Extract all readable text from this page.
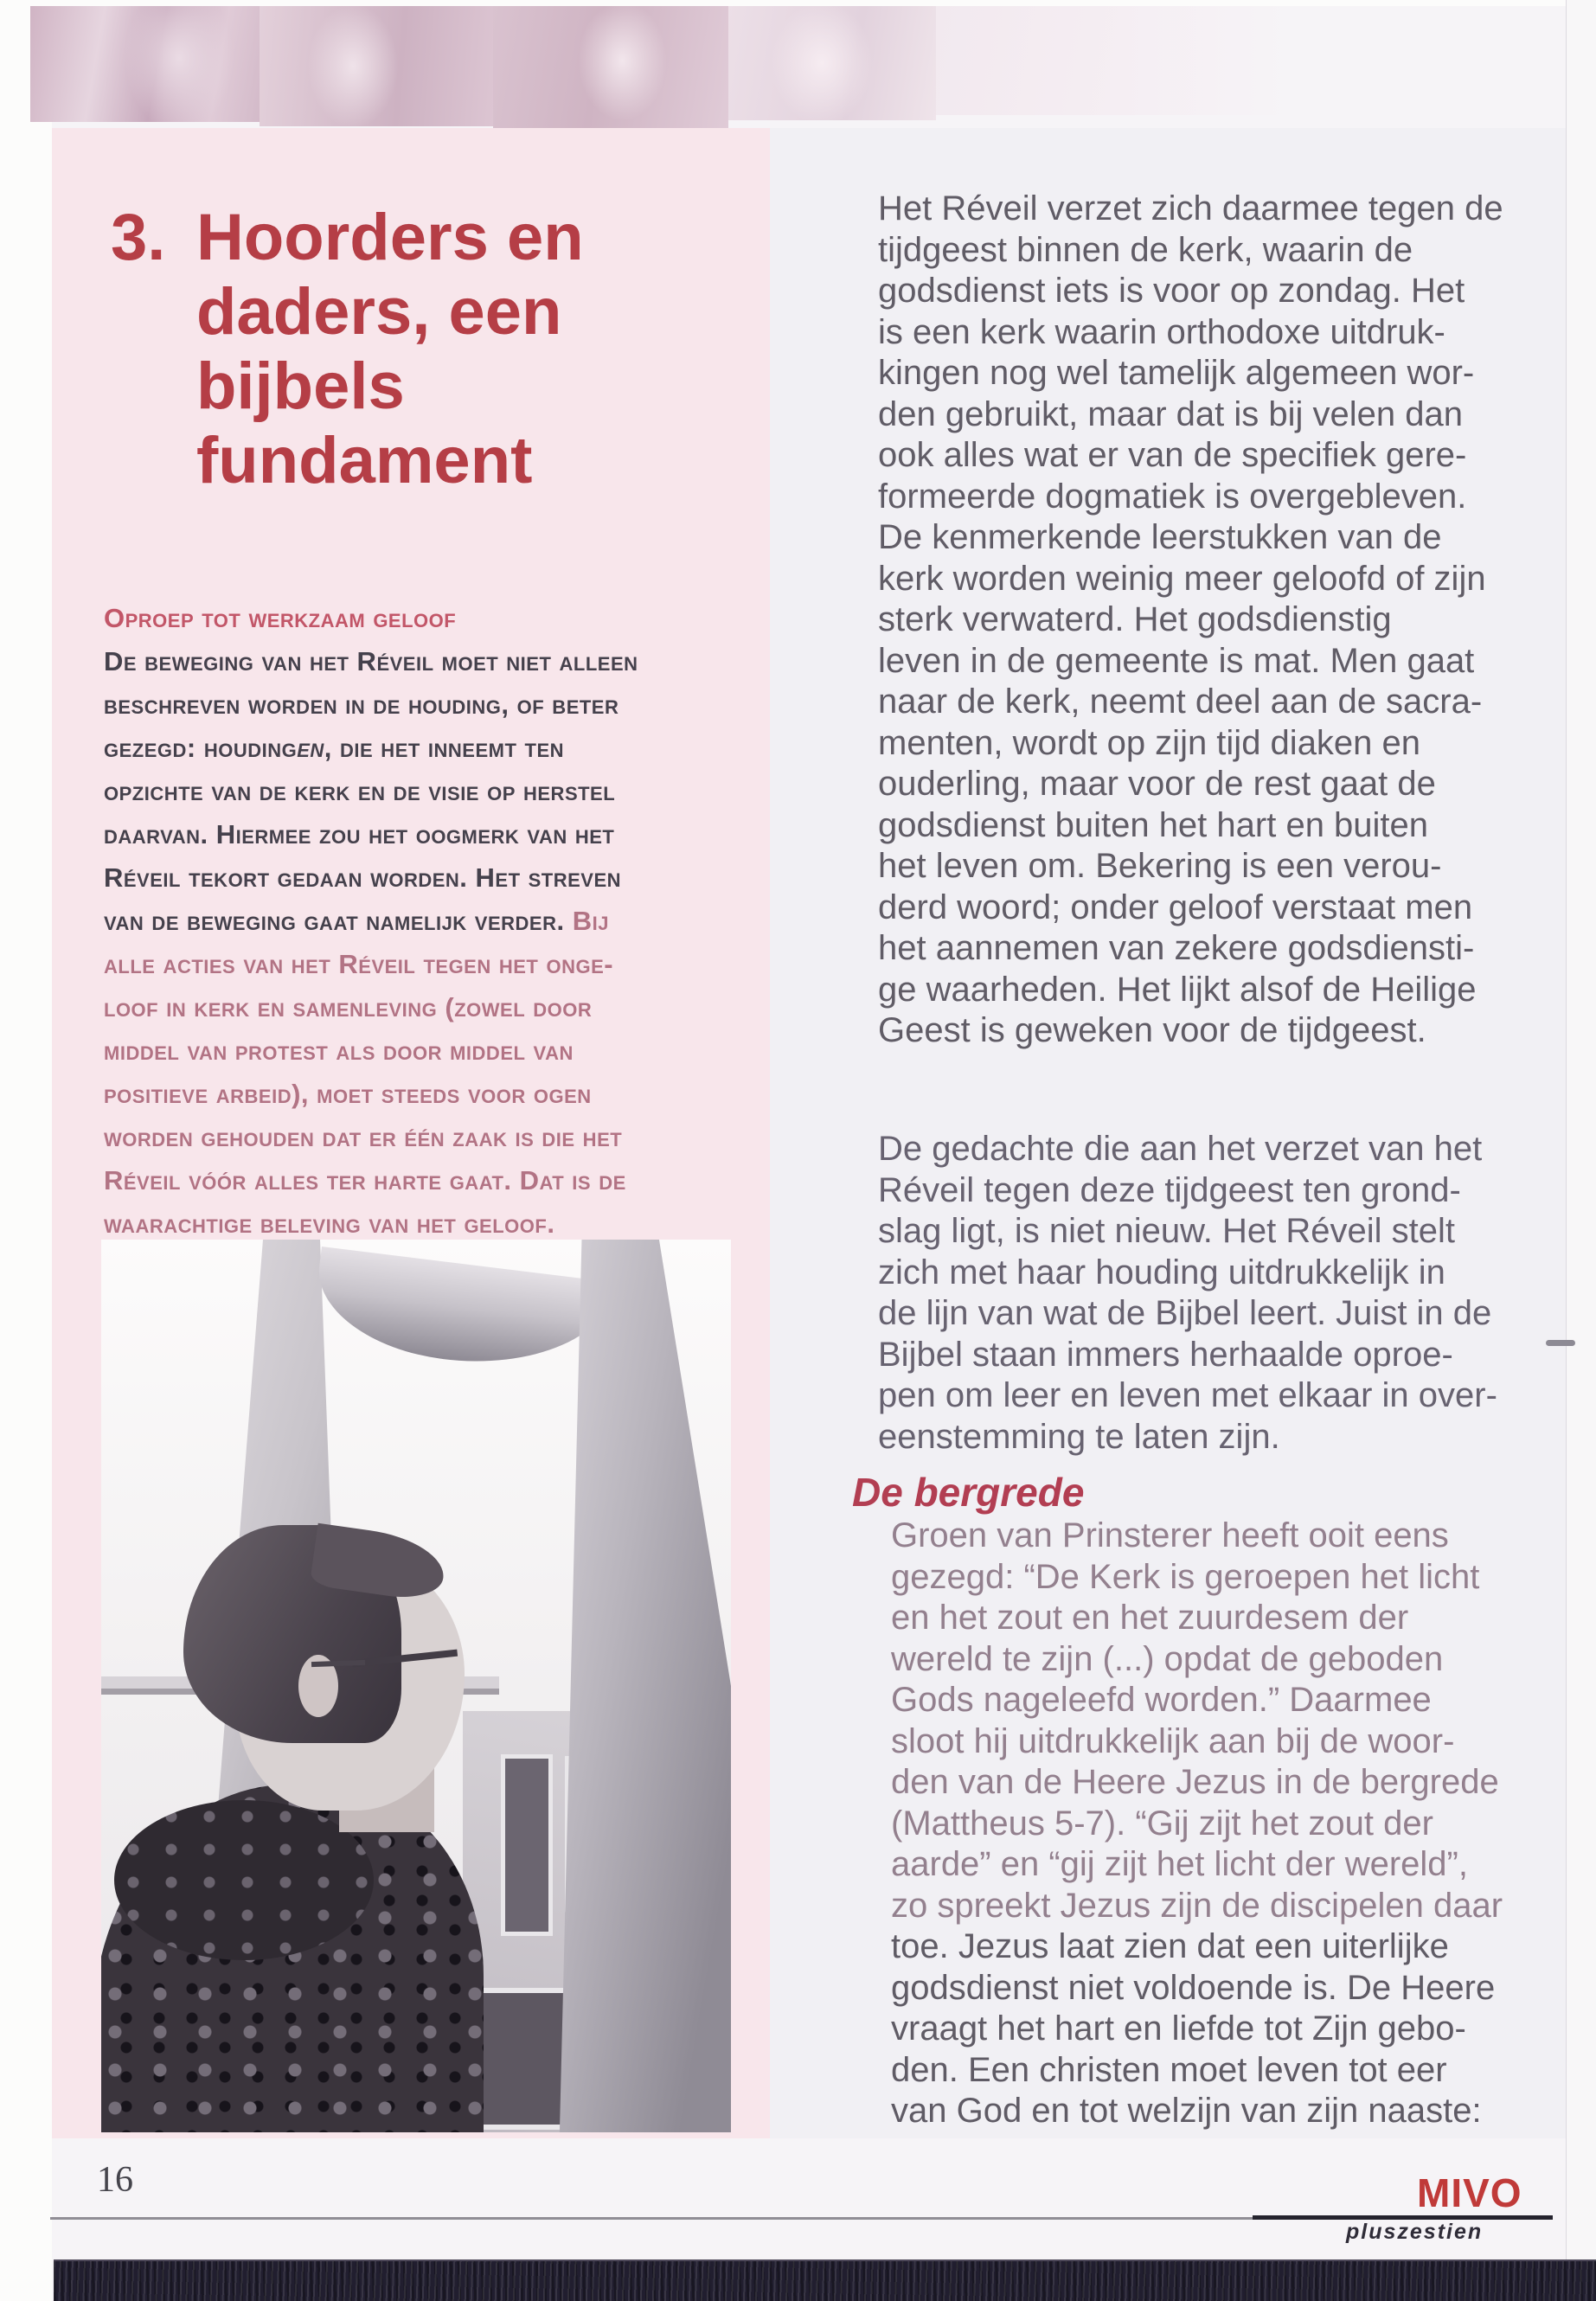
3. Hoorders en
daders, een
bijbels
fundament
Oproep tot werkzaam geloof
De beweging van het Réveil moet niet alleen
beschreven worden in de houding, of beter
gezegd: houdingen, die het inneemt ten
opzichte van de kerk en de visie op herstel
daarvan. Hiermee zou het oogmerk van het
Réveil tekort gedaan worden. Het streven
van de beweging gaat namelijk verder. Bij
alle acties van het Réveil tegen het onge-
loof in kerk en samenleving (zowel door
middel van protest als door middel van
positieve arbeid), moet steeds voor ogen
worden gehouden dat er één zaak is die het
Réveil vóór alles ter harte gaat. Dat is de
waarachtige beleving van het geloof.
Het Réveil verzet zich daarmee tegen de
tijdgeest binnen de kerk, waarin de
godsdienst iets is voor op zondag. Het
is een kerk waarin orthodoxe uitdruk-
kingen nog wel tamelijk algemeen wor-
den gebruikt, maar dat is bij velen dan
ook alles wat er van de specifiek gere-
formeerde dogmatiek is overgebleven.
De kenmerkende leerstukken van de
kerk worden weinig meer geloofd of zijn
sterk verwaterd. Het godsdienstig
leven in de gemeente is mat. Men gaat
naar de kerk, neemt deel aan de sacra-
menten, wordt op zijn tijd diaken en
ouderling, maar voor de rest gaat de
godsdienst buiten het hart en buiten
het leven om. Bekering is een verou-
derd woord; onder geloof verstaat men
het aannemen van zekere godsdiensti-
ge waarheden. Het lijkt alsof de Heilige
Geest is geweken voor de tijdgeest.
De gedachte die aan het verzet van het
Réveil tegen deze tijdgeest ten grond-
slag ligt, is niet nieuw. Het Réveil stelt
zich met haar houding uitdrukkelijk in
de lijn van wat de Bijbel leert. Juist in de
Bijbel staan immers herhaalde oproe-
pen om leer en leven met elkaar in over-
eenstemming te laten zijn.
De bergrede
Groen van Prinsterer heeft ooit eens
gezegd: “De Kerk is geroepen het licht
en het zout en het zuurdesem der
wereld te zijn (...) opdat de geboden
Gods nageleefd worden.” Daarmee
sloot hij uitdrukkelijk aan bij de woor-
den van de Heere Jezus in de bergrede
(Mattheus 5-7). “Gij zijt het zout der
aarde” en “gij zijt het licht der wereld”,
zo spreekt Jezus zijn de discipelen daar
toe. Jezus laat zien dat een uiterlijke
godsdienst niet voldoende is. De Heere
vraagt het hart en liefde tot Zijn gebo-
den. Een christen moet leven tot eer
van God en tot welzijn van zijn naaste:
16	MIVO
pluszestien
